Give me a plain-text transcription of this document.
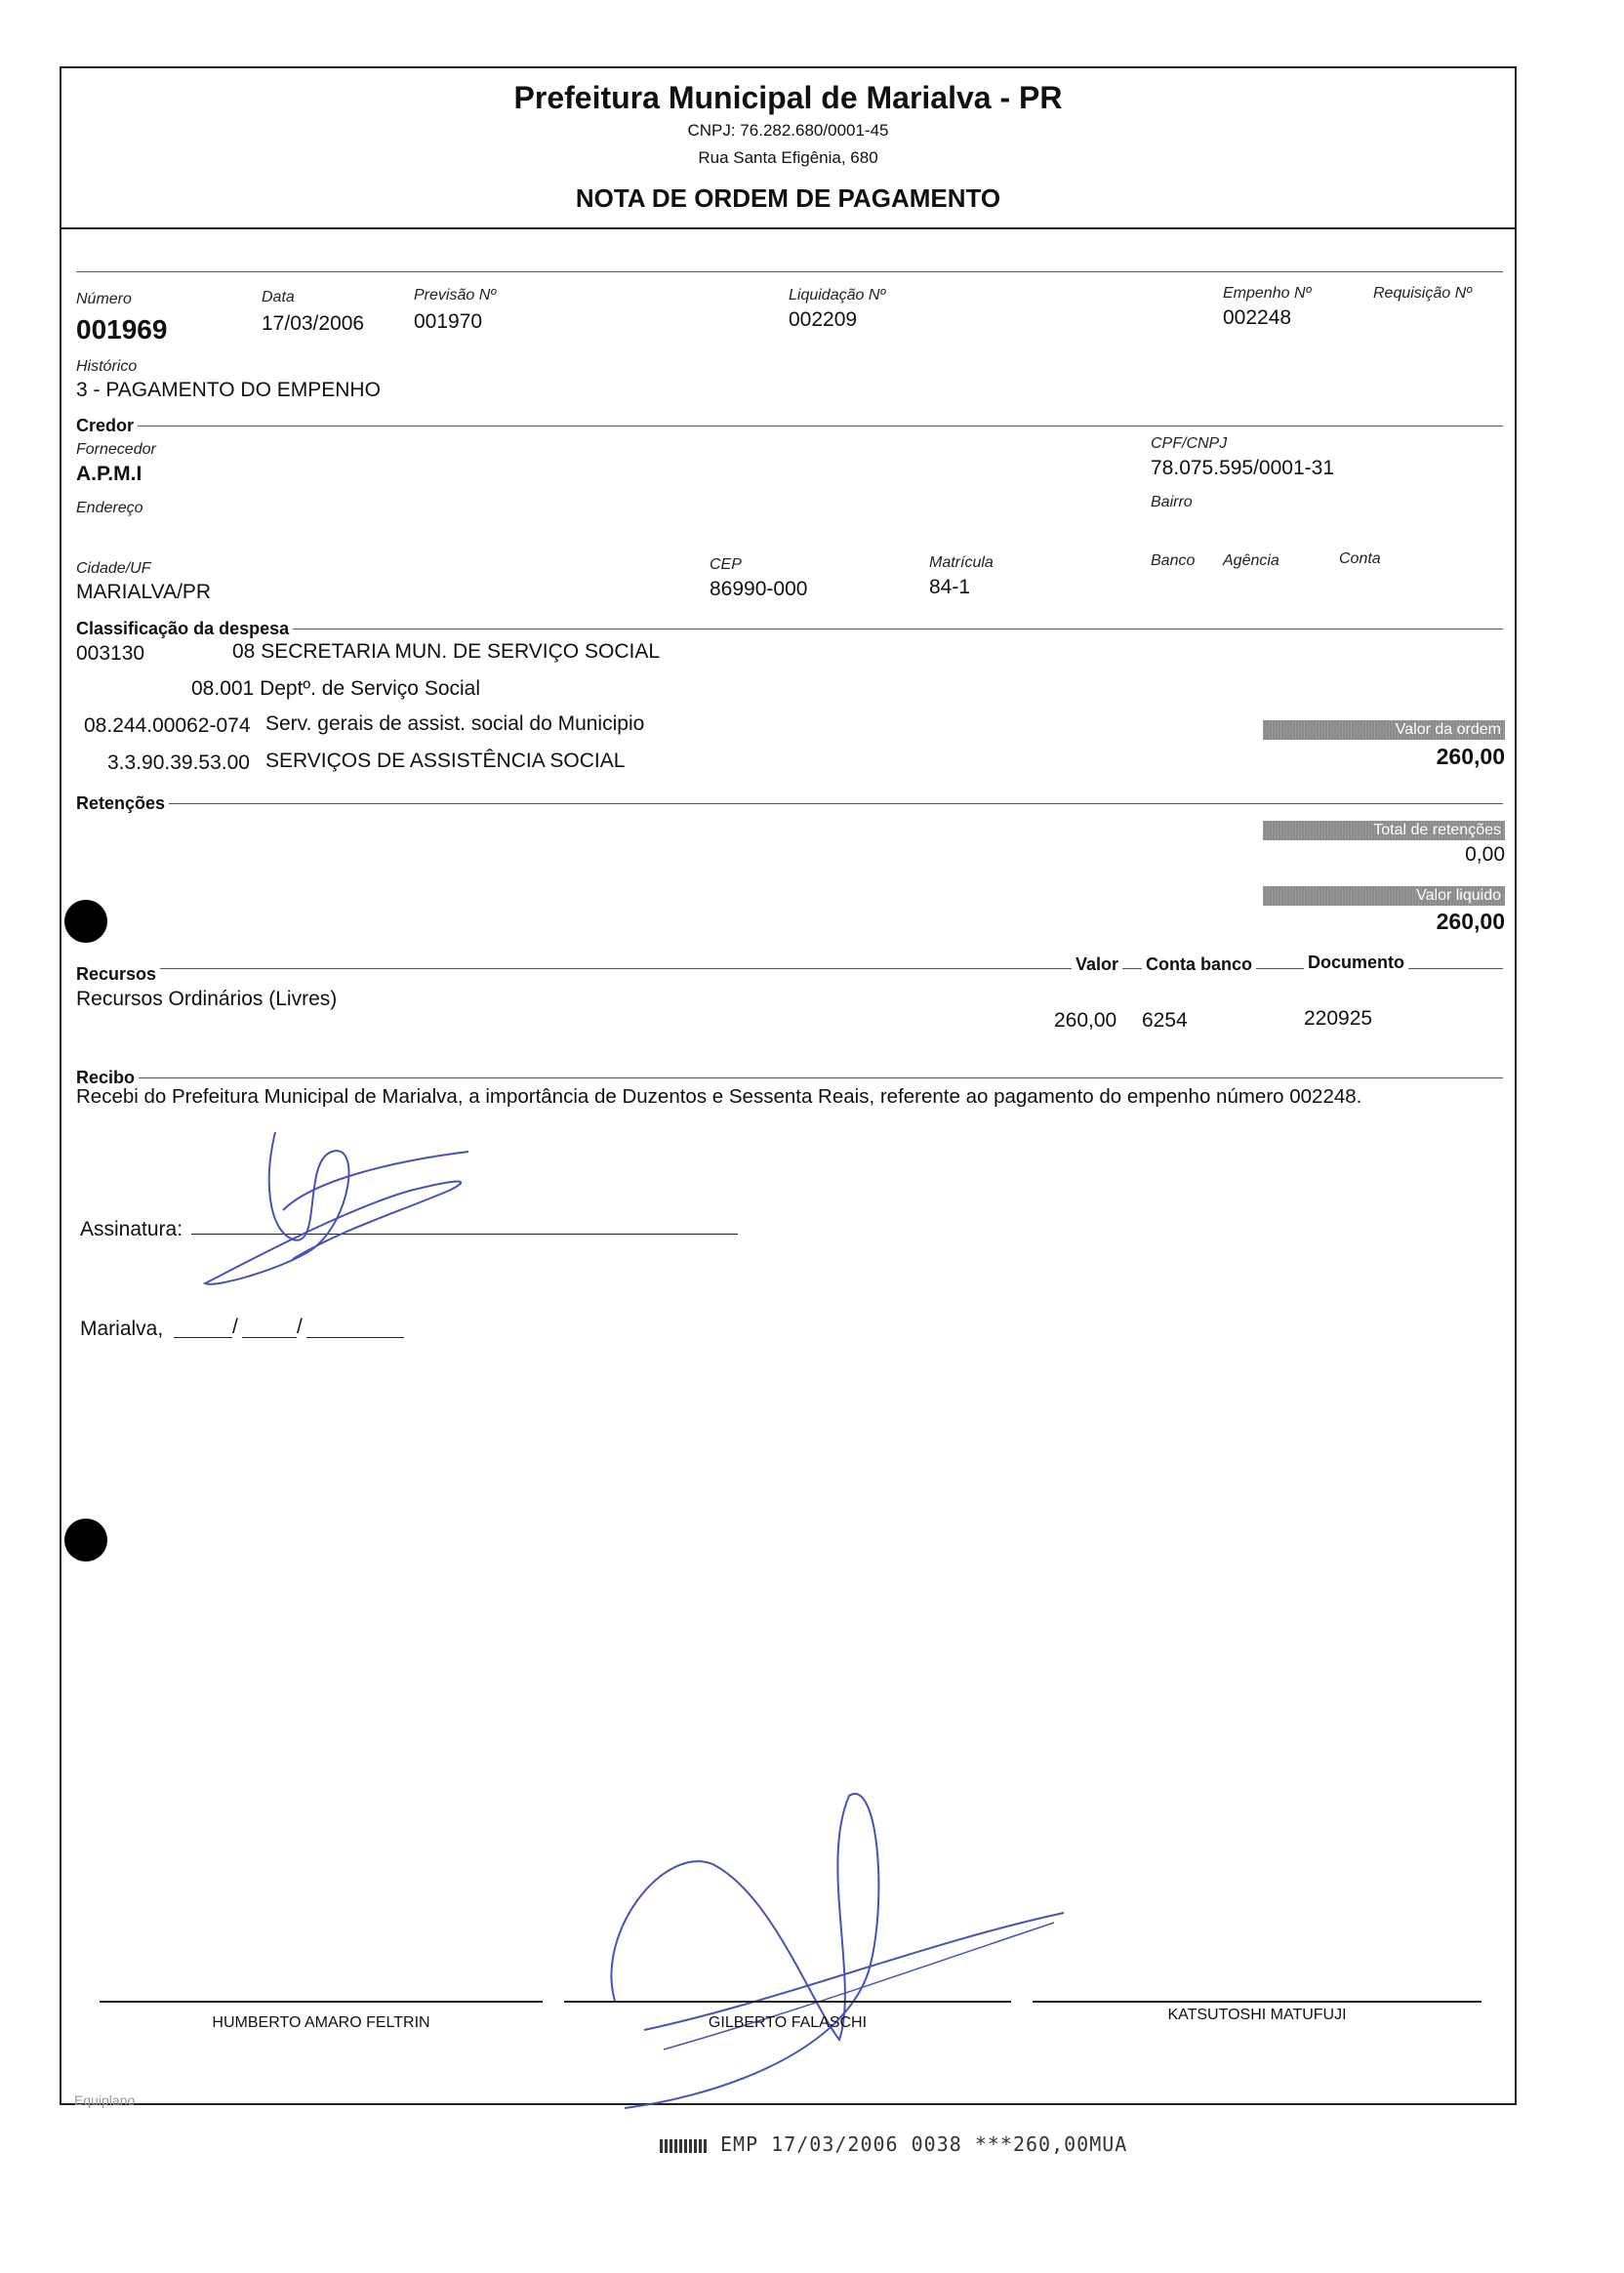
Prefeitura Municipal de Marialva - PR
CNPJ: 76.282.680/0001-45
Rua Santa Efigênia, 680
NOTA DE ORDEM DE PAGAMENTO
Número
001969
Data
17/03/2006
Previsão Nº
001970
Liquidação Nº
002209
Empenho Nº
002248
Requisição Nº
Histórico
3 - PAGAMENTO DO EMPENHO
Credor
Fornecedor
A.P.M.I
CPF/CNPJ
78.075.595/0001-31
Endereço	Bairro
Cidade/UF
MARIALVA/PR
CEP
86990-000
Matrícula
84-1
Banco Agência	Conta
Classificação da despesa
003130	08 SECRETARIA MUN. DE SERVIÇO SOCIAL
08.001 Deptº. de Serviço Social
08.244.00062-074 Serv. gerais de assist. social do Municipio
3.3.90.39.53.00 SERVIÇOS DE ASSISTÊNCIA SOCIAL
Valor da ordem
260,00
Retenções
Total de retenções
0,00
Valor liquido
260,00
Recursos	Valor Conta banco	Documento
Recursos Ordinários (Livres)
260,00 6254	220925
Recibo
Recebi do Prefeitura Municipal de Marialva, a importância de Duzentos e Sessenta Reais, referente ao pagamento do empenho número 002248.
Assinatura:
Marialva,	/	/
HUMBERTO AMARO FELTRIN	GILBERTO FALASCHI	KATSUTOSHI MATUFUJI
Equiplano
EMP 17/03/2006 0038 ***260,00MUA
